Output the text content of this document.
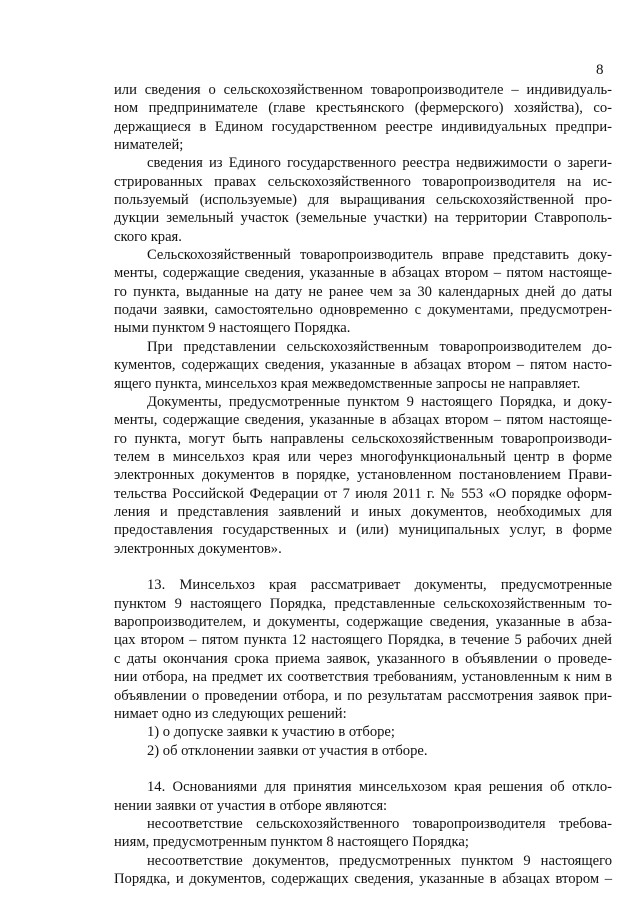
8

или сведения о сельскохозяйственном товаропроизводителе – индивидуаль-
ном предпринимателе (главе крестьянского (фермерского) хозяйства), со-
держащиеся в Едином государственном реестре индивидуальных предпри-
нимателей;

сведения из Единого государственного реестра недвижимости о зареги-
стрированных правах сельскохозяйственного товаропроизводителя на ис-
пользуемый (используемые) для выращивания сельскохозяйственной про-
дукции земельный участок (земельные участки) на территории Ставрополь-
ского края.

Сельскохозяйственный товаропроизводитель вправе представить доку-
менты, содержащие сведения, указанные в абзацах втором – пятом настояще-
го пункта, выданные на дату не ранее чем за 30 календарных дней до даты
подачи заявки, самостоятельно одновременно с документами, предусмотрен-
ными пунктом 9 настоящего Порядка.

При представлении сельскохозяйственным товаропроизводителем до-
кументов, содержащих сведения, указанные в абзацах втором – пятом насто-
ящего пункта, минсельхоз края межведомственные запросы не направляет.

Документы, предусмотренные пунктом 9 настоящего Порядка, и доку-
менты, содержащие сведения, указанные в абзацах втором – пятом настояще-
го пункта, могут быть направлены сельскохозяйственным товаропроизводи-
телем в минсельхоз края или через многофункциональный центр в форме
электронных документов в порядке, установленном постановлением Прави-
тельства Российской Федерации от 7 июля 2011 г. № 553 «О порядке оформ-
ления и представления заявлений и иных документов, необходимых для
предоставления государственных и (или) муниципальных услуг, в форме
электронных документов».

13. Минсельхоз края рассматривает документы, предусмотренные
пунктом 9 настоящего Порядка, представленные сельскохозяйственным то-
варопроизводителем, и документы, содержащие сведения, указанные в абза-
цах втором – пятом пункта 12 настоящего Порядка, в течение 5 рабочих дней
с даты окончания срока приема заявок, указанного в объявлении о проведе-
нии отбора, на предмет их соответствия требованиям, установленным к ним в
объявлении о проведении отбора, и по результатам рассмотрения заявок при-
нимает одно из следующих решений:

1) о допуске заявки к участию в отборе;

2) об отклонении заявки от участия в отборе.

14. Основаниями для принятия минсельхозом края решения об откло-
нении заявки от участия в отборе являются:

несоответствие сельскохозяйственного товаропроизводителя требова-
ниям, предусмотренным пунктом 8 настоящего Порядка;

несоответствие документов, предусмотренных пунктом 9 настоящего
Порядка, и документов, содержащих сведения, указанные в абзацах втором –
